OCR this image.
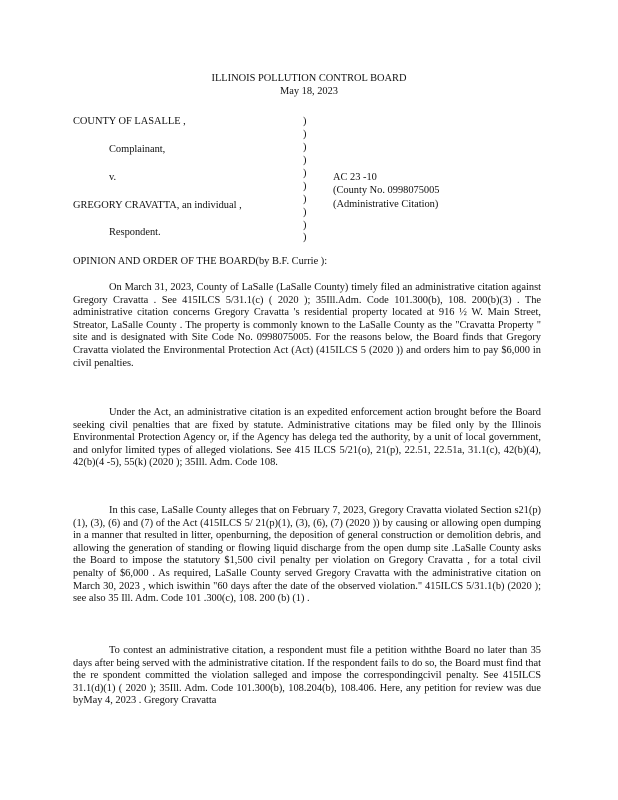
ILLINOIS POLLUTION CONTROL BOARD
May 18, 2023
COUNTY OF LASALLE ,
Complainant,
v.
GREGORY CRAVATTA, an individual ,
Respondent.
)
)
)
)
)
)
)
)
)
)
AC 23 -10
(County No. 0998075005
(Administrative Citation)
OPINION AND ORDER OF THE BOARD(by B.F. Currie ):
On March 31, 2023, County of LaSalle (LaSalle County) timely filed an administrative citation against Gregory Cravatta . See 415ILCS 5/31.1(c) ( 2020 ); 35Ill.Adm. Code 101.300(b), 108. 200(b)(3) . The administrative citation concerns Gregory Cravatta 's residential property located at 916 ½ W. Main Street, Streator, LaSalle County . The property is commonly known to the LaSalle County as the "Cravatta Property " site and is designated with Site Code No. 0998075005. For the reasons below, the Board finds that Gregory Cravatta violated the Environmental Protection Act (Act) (415ILCS 5 (2020 )) and orders him to pay $6,000 in civil penalties.
Under the Act, an administrative citation is an expedited enforcement action brought before the Board seeking civil penalties that are fixed by statute. Administrative citations may be filed only by the Illinois Environmental Protection Agency or, if the Agency has delega ted the authority, by a unit of local government, and onlyfor limited types of alleged violations. See 415 ILCS 5/21(o), 21(p), 22.51, 22.51a, 31.1(c), 42(b)(4), 42(b)(4 -5), 55(k) (2020 ); 35Ill. Adm. Code 108.
In this case, LaSalle County alleges that on February 7, 2023, Gregory Cravatta violated Section s21(p) (1), (3), (6) and (7) of the Act (415ILCS 5/ 21(p)(1), (3), (6), (7) (2020 )) by causing or allowing open dumping in a manner that resulted in litter, openburning, the deposition of general construction or demolition debris, and allowing the generation of standing or flowing liquid discharge from the open dump site .LaSalle County asks the Board to impose the statutory $1,500 civil penalty per violation on Gregory Cravatta , for a total civil penalty of $6,000 . As required, LaSalle County served Gregory Cravatta with the administrative citation on March 30, 2023 , which iswithin "60 days after the date of the observed violation." 415ILCS 5/31.1(b) (2020 ); see also 35 Ill. Adm. Code 101 .300(c), 108. 200 (b) (1) .
To contest an administrative citation, a respondent must file a petition withthe Board no later than 35 days after being served with the administrative citation. If the respondent fails to do so, the Board must find that the re spondent committed the violation salleged and impose the correspondingcivil penalty. See 415ILCS 31.1(d)(1) ( 2020 ); 35Ill. Adm. Code 101.300(b), 108.204(b), 108.406. Here, any petition for review was due byMay 4, 2023 . Gregory Cravatta
